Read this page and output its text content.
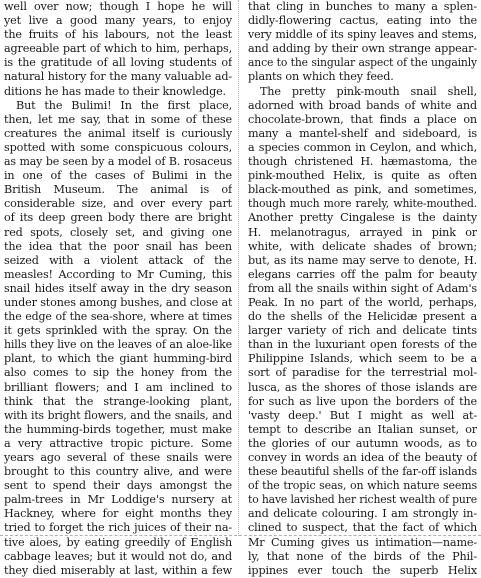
well over now; though I hope he will
yet live a good many years, to enjoy
the fruits of his labours, not the least
agreeable part of which to him, perhaps,
is the gratitude of all loving students of
natural history for the many valuable ad-
ditions he has made to their knowledge.
But the Bulimi! In the first place,
then, let me say, that in some of these
creatures the animal itself is curiously
spotted with some conspicuous colours,
as may be seen by a model of B. rosaceus
in one of the cases of Bulimi in the
British Museum. The animal is of
considerable size, and over every part
of its deep green body there are bright
red spots, closely set, and giving one
the idea that the poor snail has been
seized with a violent attack of the
measles! According to Mr Cuming, this
snail hides itself away in the dry season
under stones among bushes, and close at
the edge of the sea-shore, where at times
it gets sprinkled with the spray. On the
hills they live on the leaves of an aloe-like
plant, to which the giant humming-bird
also comes to sip the honey from the
brilliant flowers; and I am inclined to
think that the strange-looking plant,
with its bright flowers, and the snails, and
the humming-birds together, must make
a very attractive tropic picture. Some
years ago several of these snails were
brought to this country alive, and were
sent to spend their days amongst the
palm-trees in Mr Loddige's nursery at
Hackney, where for eight months they
tried to forget the rich juices of their na-
tive aloes, by eating greedily of English
cabbage leaves; but it would not do, and
they died miserably at last, within a few
that cling in bunches to many a splen-
didly-flowering cactus, eating into the
very middle of its spiny leaves and stems,
and adding by their own strange appear-
ance to the singular aspect of the ungainly
plants on which they feed.
The pretty pink-mouth snail shell,
adorned with broad bands of white and
chocolate-brown, that finds a place on
many a mantel-shelf and sideboard, is
a species common in Ceylon, and which,
though christened H. hæmastoma, the
pink-mouthed Helix, is quite as often
black-mouthed as pink, and sometimes,
though much more rarely, white-mouthed.
Another pretty Cingalese is the dainty
H. melanotragus, arrayed in pink or
white, with delicate shades of brown;
but, as its name may serve to denote, H.
elegans carries off the palm for beauty
from all the snails within sight of Adam's
Peak. In no part of the world, perhaps,
do the shells of the Helicidæ present a
larger variety of rich and delicate tints
than in the luxuriant open forests of the
Philippine Islands, which seem to be a
sort of paradise for the terrestrial mol-
lusca, as the shores of those islands are
for such as live upon the borders of the
'vasty deep.' But I might as well at-
tempt to describe an Italian sunset, or
the glories of our autumn woods, as to
convey in words an idea of the beauty of
these beautiful shells of the far-off islands
of the tropic seas, on which nature seems
to have lavished her richest wealth of pure
and delicate colouring. I am strongly in-
clined to suspect, that the fact of which
Mr Cuming gives us intimation—name-
ly, that none of the birds of the Phil-
ippines ever touch the superb Helix
